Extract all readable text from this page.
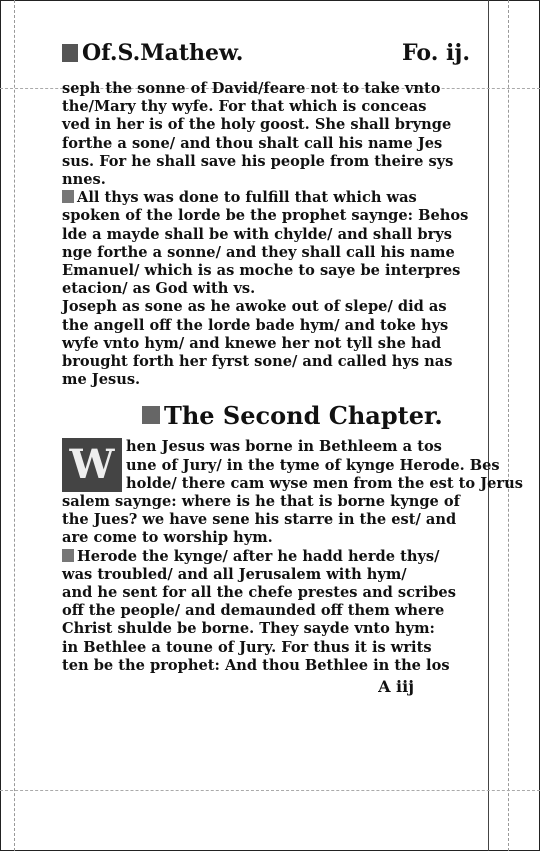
Of.S.Mathew.	Fo. ij.

seph the sonne of David/feare not to take vnto
the/Mary thy wyfe. For that which is conceas
ved in her is of the holy goost. She shall brynge
forthe a sone/ and thou shalt call his name Jes
sus. For he shall save his people from theire sys
nnes.

All thys was done to fulfill that which was
spoken of the lorde be the prophet saynge: Behos
lde a mayde shall be with chylde/ and shall brys
nge forthe a sonne/ and they shall call his name
Emanuel/ which is as moche to saye be interpres
etacion/ as God with vs.

Joseph as sone as he awoke out of slepe/ did as
the angell off the lorde bade hym/ and toke hys
wyfe vnto hym/ and knewe her not tyll she had
brought forth her fyrst sone/ and called hys nas
me Jesus.

The Second Chapter.
W hen Jesus was borne in Bethleem a tos
une of Jury/ in the tyme of kynge Herode. Bes
holde/ there cam wyse men from the est to Jerus
salem saynge: where is he that is borne kynge of
the Jues? we have sene his starre in the est/ and
are come to worship hym.

Herode the kynge/ after he hadd herde thys/
was troubled/ and all Jerusalem with hym/
and he sent for all the chefe prestes and scribes
off the people/ and demaunded off them where
Christ shulde be borne. They sayde vnto hym:
in Bethlee a toune of Jury. For thus it is writs
ten be the prophet: And thou Bethlee in the los

A iij
